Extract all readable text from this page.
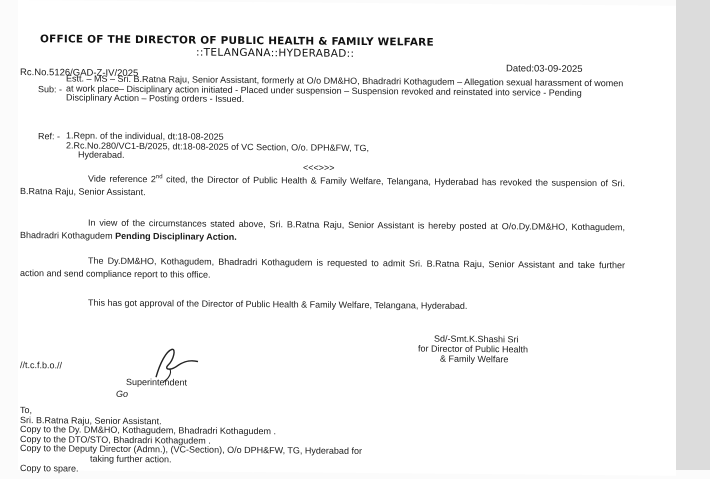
OFFICE OF THE DIRECTOR OF PUBLIC HEALTH & FAMILY WELFARE
::TELANGANA::HYDERABAD::
Dated:03-09-2025
Rc.No.5126/GAD-Z-IV/2025
Sub: -
Estt. – MS – Sri. B.Ratna Raju, Senior Assistant, formerly at O/o DM&HO, Bhadradri Kothagudem – Allegation sexual harassment of women at work place– Disciplinary action initiated - Placed under suspension – Suspension revoked and reinstated into service - Pending Disciplinary Action – Posting orders - Issued.
Ref: - 1.Repn. of the individual, dt:18-08-2025
2.Rc.No.280/VC1-B/2025, dt:18-08-2025 of VC Section, O/o. DPH&FW, TG,
Hyderabad.
<<<>>>
Vide reference 2nd cited, the Director of Public Health & Family Welfare, Telangana, Hyderabad has revoked the suspension of Sri. B.Ratna Raju, Senior Assistant.
In view of the circumstances stated above, Sri. B.Ratna Raju, Senior Assistant is hereby posted at O/o.Dy.DM&HO, Kothagudem, Bhadradri Kothagudem Pending Disciplinary Action.
The Dy.DM&HO, Kothagudem, Bhadradri Kothagudem is requested to admit Sri. B.Ratna Raju, Senior Assistant and take further action and send compliance report to this office.
This has got approval of the Director of Public Health & Family Welfare, Telangana, Hyderabad.
Sd/-Smt.K.Shashi Sri
for Director of Public Health
& Family Welfare
//t.c.f.b.o.//
Superintendent
Go
To,
Sri. B.Ratna Raju, Senior Assistant.
Copy to the Dy. DM&HO, Kothagudem, Bhadradri Kothagudem .
Copy to the DTO/STO, Bhadradri Kothagudem .
Copy to the Deputy Director (Admn.), (VC-Section), O/o DPH&FW, TG, Hyderabad for
taking further action.
Copy to spare.
